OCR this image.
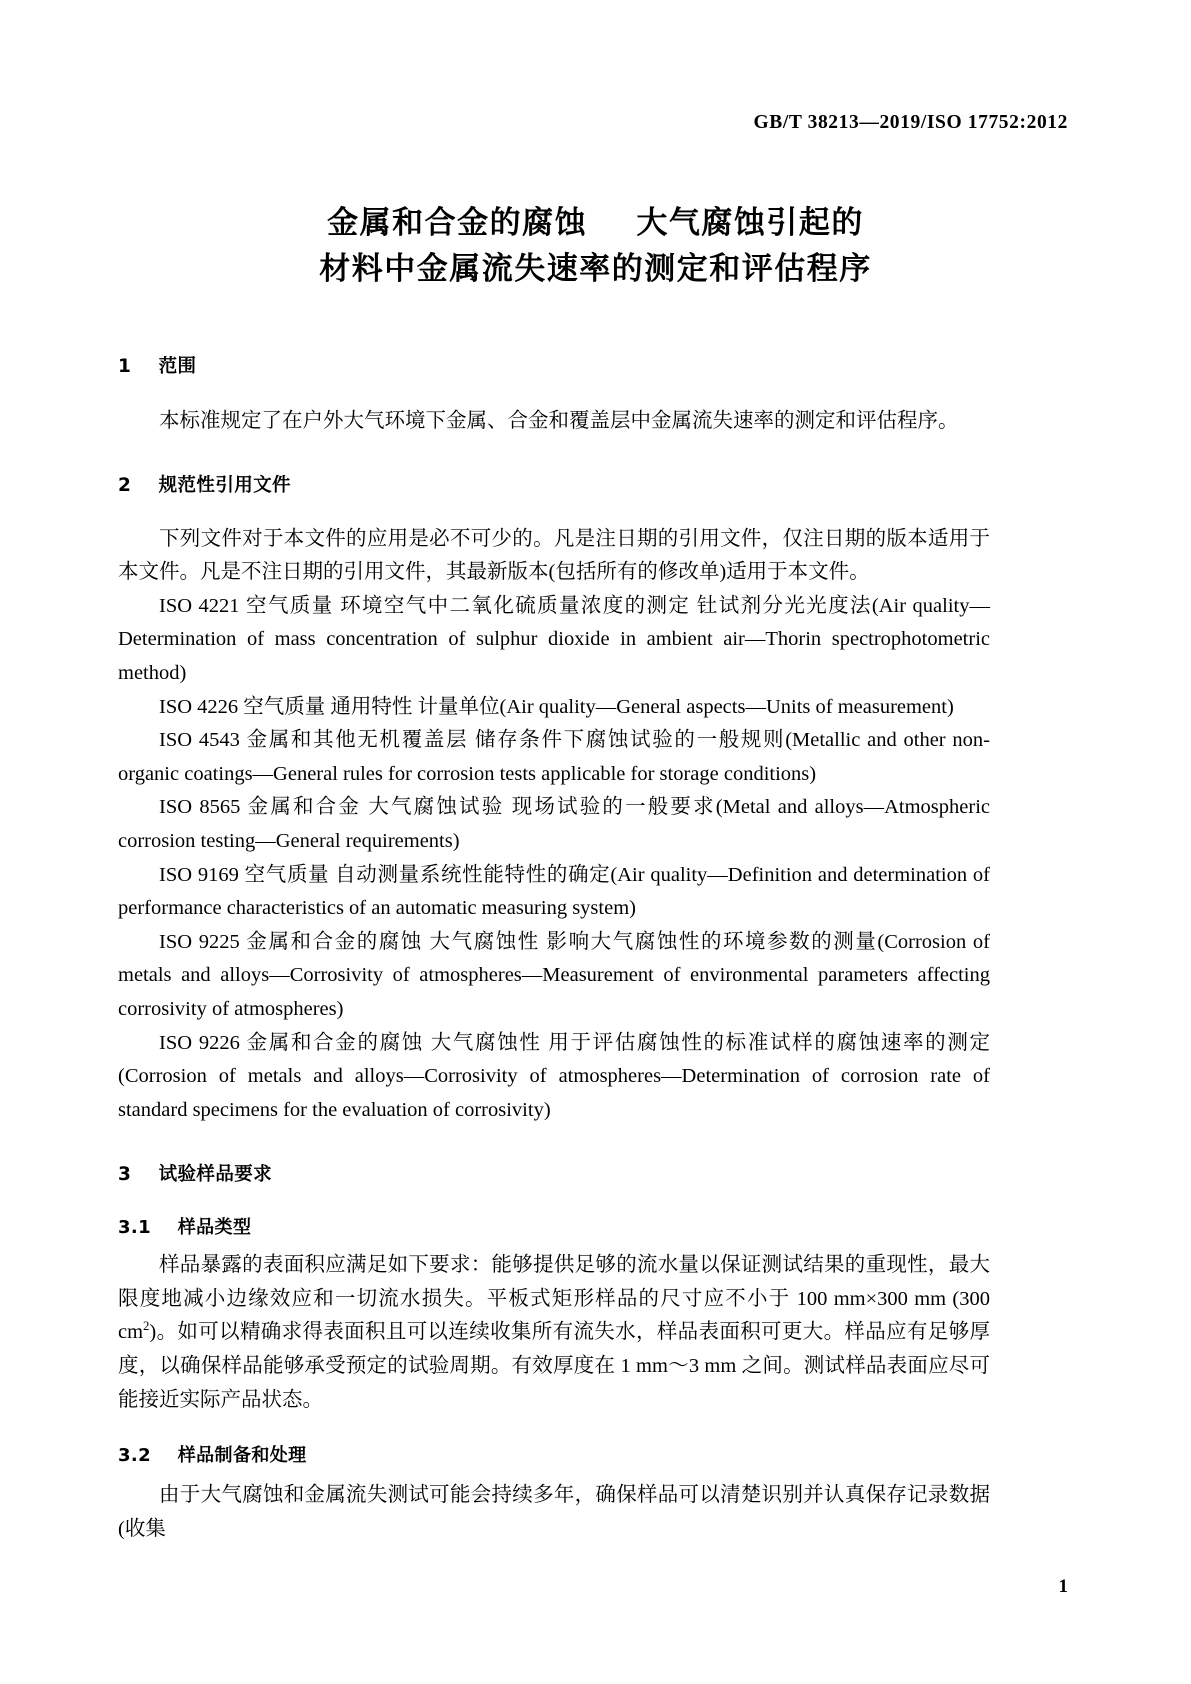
GB/T 38213—2019/ISO 17752:2012
金属和合金的腐蚀    大气腐蚀引起的
材料中金属流失速率的测定和评估程序
1    范围

本标准规定了在户外大气环境下金属、合金和覆盖层中金属流失速率的测定和评估程序。

2    规范性引用文件

下列文件对于本文件的应用是必不可少的。凡是注日期的引用文件，仅注日期的版本适用于本文件。凡是不注日期的引用文件，其最新版本(包括所有的修改单)适用于本文件。

ISO 4221 空气质量 环境空气中二氧化硫质量浓度的测定 钍试剂分光光度法(Air quality—Determination of mass concentration of sulphur dioxide in ambient air—Thorin spectrophotometric method)

ISO 4226 空气质量 通用特性 计量单位(Air quality—General aspects—Units of measurement)

ISO 4543 金属和其他无机覆盖层 储存条件下腐蚀试验的一般规则(Metallic and other non-organic coatings—General rules for corrosion tests applicable for storage conditions)

ISO 8565 金属和合金 大气腐蚀试验 现场试验的一般要求(Metal and alloys—Atmospheric corrosion testing—General requirements)

ISO 9169 空气质量 自动测量系统性能特性的确定(Air quality—Definition and determination of performance characteristics of an automatic measuring system)

ISO 9225 金属和合金的腐蚀 大气腐蚀性 影响大气腐蚀性的环境参数的测量(Corrosion of metals and alloys—Corrosivity of atmospheres—Measurement of environmental parameters affecting corrosivity of atmospheres)

ISO 9226 金属和合金的腐蚀 大气腐蚀性 用于评估腐蚀性的标准试样的腐蚀速率的测定(Corrosion of metals and alloys—Corrosivity of atmospheres—Determination of corrosion rate of standard specimens for the evaluation of corrosivity)

3    试验样品要求
3.1    样品类型

样品暴露的表面积应满足如下要求：能够提供足够的流水量以保证测试结果的重现性，最大限度地减小边缘效应和一切流水损失。平板式矩形样品的尺寸应不小于 100 mm×300 mm (300 $cm^2$)。如可以精确求得表面积且可以连续收集所有流失水，样品表面积可更大。样品应有足够厚度，以确保样品能够承受预定的试验周期。有效厚度在 1 mm～3 mm 之间。测试样品表面应尽可能接近实际产品状态。

3.2    样品制备和处理

由于大气腐蚀和金属流失测试可能会持续多年，确保样品可以清楚识别并认真保存记录数据(收集

1
